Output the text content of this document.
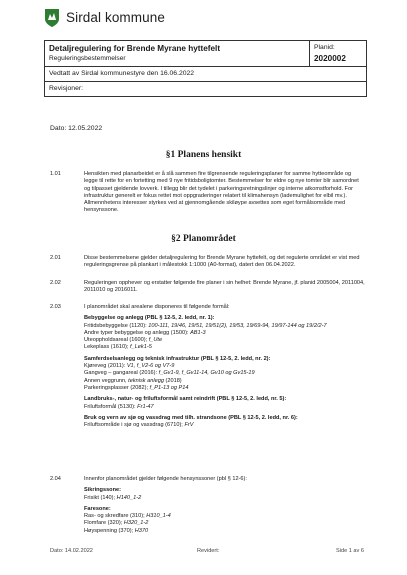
Sirdal kommune
Detaljregulering for Brende Myrane hyttefelt
Reguleringsbestemmelser
Planid:
2020002
Vedtatt av Sirdal kommunestyre den 16.06.2022
Revisjoner:
Dato: 12.05.2022
§1 Planens hensikt
1.01	Hensikten med planarbeidet er å slå sammen fire tilgrensende reguleringsplaner for samme hytteområde og legge til rette for en fortetting med 9 nye fritidsboligtomter. Bestemmelser for eldre og nye tomter blir samordnet og tilpasset gjeldende lovverk. I tillegg blir det tydelet i parkeringsretningslinjer og interne atkomstforhold. For infrastruktur generelt er fokus rettet mot oppgraderinger relatert til klimahensyn (lademulighet for elbil mv.). Allmennhetens interesser styrkes ved at gjennomgående skiløype avsettes som eget formålsområde med hensynssone.
§2 Planområdet
2.01	Disse bestemmelsene gjelder detaljregulering for Brende Myrane hyttefelt, og det regulerte området er vist med reguleringsgrense på plankart i målestokk 1:1000 (A0-format), datert den 06.04.2022.
2.02	Reguleringen opphever og erstatter følgende fire planer i sin helhet: Brende Myrane, jf. planid 2005004, 2011004, 2011010 og 2016011.
2.03	I planområdet skal arealene disponeres til følgende formål:

Bebyggelse og anlegg (PBL § 12-5, 2. ledd, nr. 1):

Fritidsbebyggelse (1120): 100-111, 19/46, 19/51, 19/51(2), 19/53, 19/69-94, 19/97-144 og 19/2/2-7

Andre typer bebyggelse og anlegg (1500): AB1-3

Uteoppholdsareal (1600); f_Ute

Lekeplass (1610); f_Lek1-5

Samferdselsanlegg og teknisk infrastruktur (PBL § 12-5, 2. ledd, nr. 2):

Kjøreveg (2011): V1, f_V2-6 og V7-9

Gangveg – gangareal (2016): f_Gv1-9, f_Gv11-14, Gv10 og Gv15-19

Annen veggrunn, teknisk anlegg (2018)

Parkeringsplasser (2082); f_P1-13 og P14

Landbruks-, natur- og friluftsformål samt reindrift (PBL § 12-5, 2. ledd, nr. 5):

Friluftsformål (5130): Fr1-47

Bruk og vern av sjø og vassdrag med tilh. strandsone (PBL § 12-5, 2. ledd, nr. 6):

Friluftsområde i sjø og vassdrag (6710); FrV

2.04	Innenfor planområdet gjelder følgende hensynssoner (pbl § 12-6):

Sikringssone:

Frisikt (140); H140_1-2

Faresone:

Ras- og skredfare (310); H310_1-4

Flomfare (320); H320_1-2

Høyspenning (370); H370

Dato: 14.02.2022	Revidert:	Side 1 av 6
